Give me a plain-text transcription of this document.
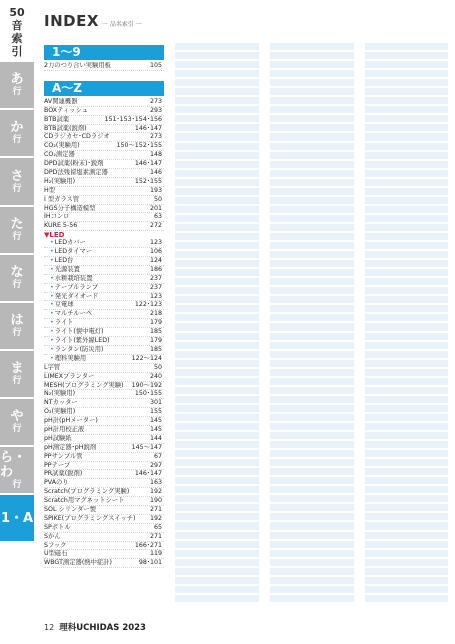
50
音
索
引
あ
行
か
行
さ
行
た
行
な
行
は
行
ま
行
や
行
ら・わ
行
1・A
INDEX 一 品名索引 一
1〜9
2力のつり合い実験用板	105
A〜Z
AV関連機器	273
BOXティッシュ	293
BTB試薬	151･153･154･156
BTB試薬(鋭剤)	146･147
CDラジカセ･CDラジオ	273
CO₂(実験用)	150〜152･155
CO₂測定器	148
DPD試薬(粉末)･鋭剤	146･147
DPD法残留塩素測定器	146
H₂(実験用)	152･155
H型	193
I 型ガラス管	50
HGS分子構造模型	201
IHコンロ	63
KURE 5-56	272
▼LED
• LEDカバー	123
• LEDタイマー	106
• LED台	124
• 光源装置	186
• 水耕栽培装置	237
• テーブルランプ	237
• 発光ダイオード	123
• 豆電球	122･123
• マルチルーペ	218
• ライト	179
• ライト(懐中電灯)	185
• ライト(紫外線LED)	179
• ランタン(防災用)	185
• 理科実験用	122〜124
L字管	50
LIMEXプランター	240
MESH(プログラミング実験) 190〜192
N₂(実験用)	150･155
NTカッター	301
O₂(実験用)	155
pH計(pHメーター)	145
pH計用校正液	145
pH試験紙	144
pH測定器･pH鋭剤	145〜147
PPサンプル管	67
PPテープ	297
PR試薬(鋭剤)	146･147
PVAのり	163
Scratch(プログラミング実験)	192
Scratch用マグネットシート	190
SOL シリンダー製	271
SPIKE(プログラミングスイッチ) 192
SPボトル	65
Sかん	271
Sフック	166･271
U型磁石	119
WBGT測定器(熱中症計)	98･101
12 理科UCHIDAS 2023
